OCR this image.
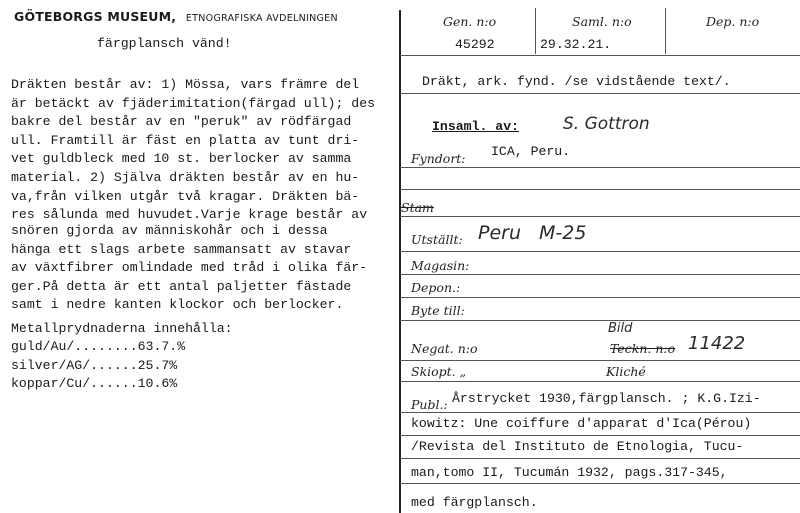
GÖTEBORGS MUSEUM, ETNOGRAFISKA AVDELNINGEN
färgplansch vänd!
Dräkten består av: 1) Mössa, vars främre del
är betäckt av fjäderimitation(färgad ull); des
bakre del består av en "peruk" av rödfärgad
ull. Framtill är fäst en platta av tunt dri-
vet guldbleck med 10 st. berlocker av samma
material. 2) Själva dräkten består av en hu-
va,från vilken utgår två kragar. Dräkten bä-
res sålunda med huvudet.Varje krage består av
snören gjorda av människohår och i dessa
hänga ett slags arbete sammansatt av stavar
av växtfibrer omlindade med tråd i olika fär-
ger.På detta är ett antal paljetter fästade
samt i nedre kanten klockor och berlocker.
Metallprydnaderna innehålla:
guld/Au/........63.7.%
silver/AG/......25.7%
koppar/Cu/......10.6%
Gen. n:o	Saml. n:o	Dep. n:o
45292	29.32.21.
Dräkt, ark. fynd. /se vidstående text/.
Insaml. av:	S. Gottron
Fyndort: ICA, Peru.
Stam
Utställt: Peru M-25
Magasin:
Depon.:
Byte till:
Negat. n:o
Bild
Teckn. n:o 11422
Skiopt. „	Kliché
Publ.: Årstrycket 1930,färgplansch. ; K.G.Izi-
kowitz: Une coiffure d'apparat d'Ica(Pérou)
/Revista del Instituto de Etnologia, Tucu-
man,tomo II, Tucumán 1932, pags.317-345,
med färgplansch.
